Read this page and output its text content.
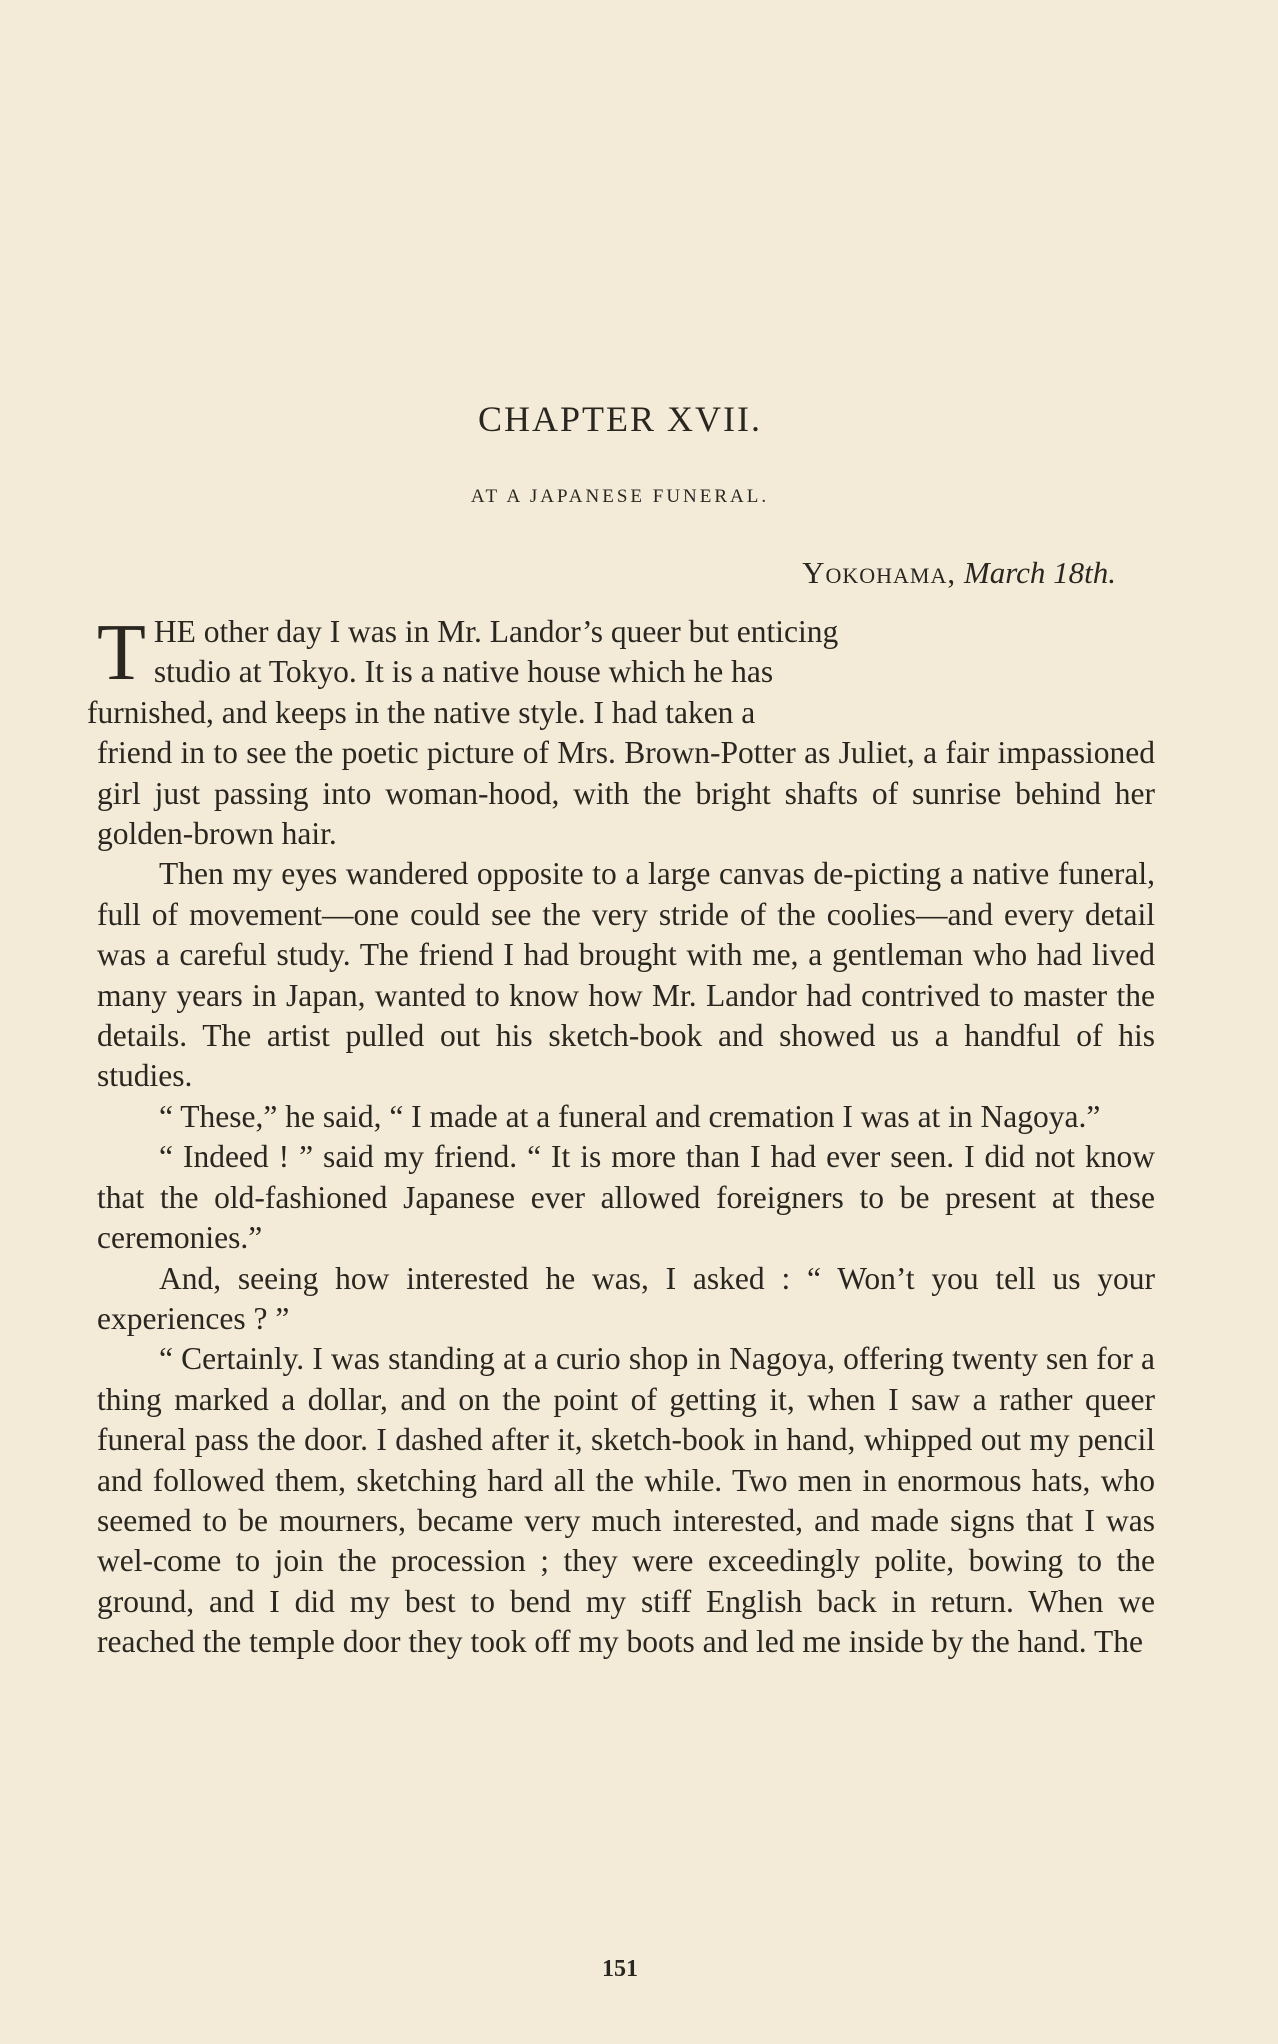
CHAPTER XVII.
AT A JAPANESE FUNERAL.

Yokohama, March 18th.

THE other day I was in Mr. Landor’s queer but enticing
studio at Tokyo. It is a native house which he has

furnished, and keeps in the native style. I had taken a
friend in to see the poetic picture of Mrs. Brown-Potter as Juliet, a fair impassioned girl just passing into woman-hood, with the bright shafts of sunrise behind her golden-brown hair.

Then my eyes wandered opposite to a large canvas de-picting a native funeral, full of movement—one could see the very stride of the coolies—and every detail was a careful study. The friend I had brought with me, a gentleman who had lived many years in Japan, wanted to know how Mr. Landor had contrived to master the details. The artist pulled out his sketch-book and showed us a handful of his studies.

“ These,” he said, “ I made at a funeral and cremation I was at in Nagoya.”

“ Indeed ! ” said my friend. “ It is more than I had ever seen. I did not know that the old-fashioned Japanese ever allowed foreigners to be present at these ceremonies.”

And, seeing how interested he was, I asked : “ Won’t you tell us your experiences ? ”

“ Certainly. I was standing at a curio shop in Nagoya, offering twenty sen for a thing marked a dollar, and on the point of getting it, when I saw a rather queer funeral pass the door. I dashed after it, sketch-book in hand, whipped out my pencil and followed them, sketching hard all the while. Two men in enormous hats, who seemed to be mourners, became very much interested, and made signs that I was wel-come to join the procession ; they were exceedingly polite, bowing to the ground, and I did my best to bend my stiff English back in return. When we reached the temple door they took off my boots and led me inside by the hand. The

151
